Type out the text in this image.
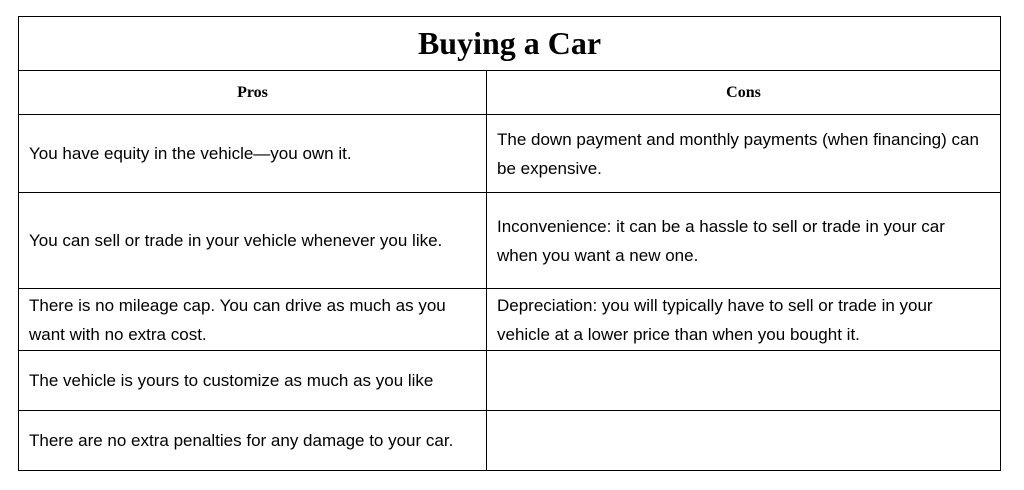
Buying a Car	
Pros	Cons
You have equity in the vehicle—you own it.	The down payment and monthly payments (when financing) can be expensive.
You can sell or trade in your vehicle whenever you like.	Inconvenience: it can be a hassle to sell or trade in your car when you want a new one.
There is no mileage cap. You can drive as much as you want with no extra cost.	Depreciation: you will typically have to sell or trade in your vehicle at a lower price than when you bought it.
The vehicle is yours to customize as much as you like	
There are no extra penalties for any damage to your car.	
